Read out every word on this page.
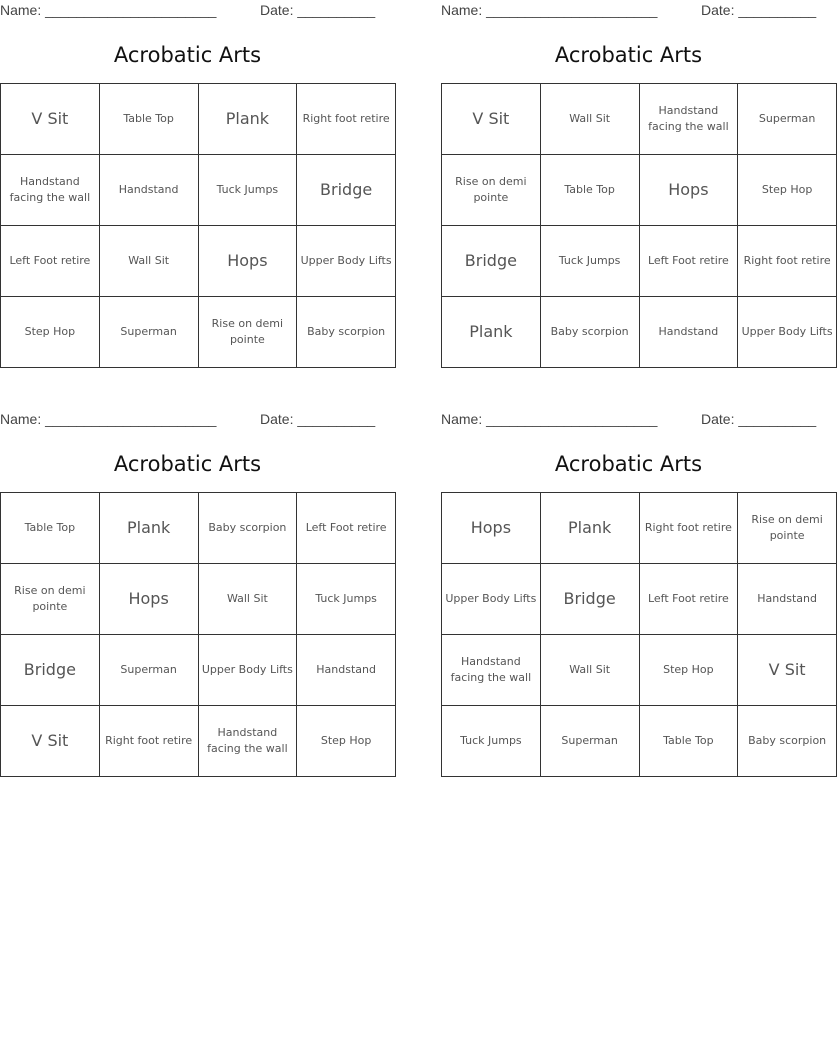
Name: ______________________	Date: __________
Acrobatic Arts
V Sit	Table Top	Plank	Right foot retire
Handstand facing the wall	Handstand	Tuck Jumps	Bridge
Left Foot retire	Wall Sit	Hops	Upper Body Lifts
Step Hop	Superman	Rise on demi pointe	Baby scorpion
Name: ______________________	Date: __________
Acrobatic Arts
V Sit	Wall Sit	Handstand facing the wall	Superman
Rise on demi pointe	Table Top	Hops	Step Hop
Bridge	Tuck Jumps	Left Foot retire	Right foot retire
Plank	Baby scorpion	Handstand	Upper Body Lifts
Name: ______________________	Date: __________
Acrobatic Arts
Table Top	Plank	Baby scorpion	Left Foot retire
Rise on demi pointe	Hops	Wall Sit	Tuck Jumps
Bridge	Superman	Upper Body Lifts	Handstand
V Sit	Right foot retire	Handstand facing the wall	Step Hop
Name: ______________________	Date: __________
Acrobatic Arts
Hops	Plank	Right foot retire	Rise on demi pointe
Upper Body Lifts	Bridge	Left Foot retire	Handstand
Handstand facing the wall	Wall Sit	Step Hop	V Sit
Tuck Jumps	Superman	Table Top	Baby scorpion
